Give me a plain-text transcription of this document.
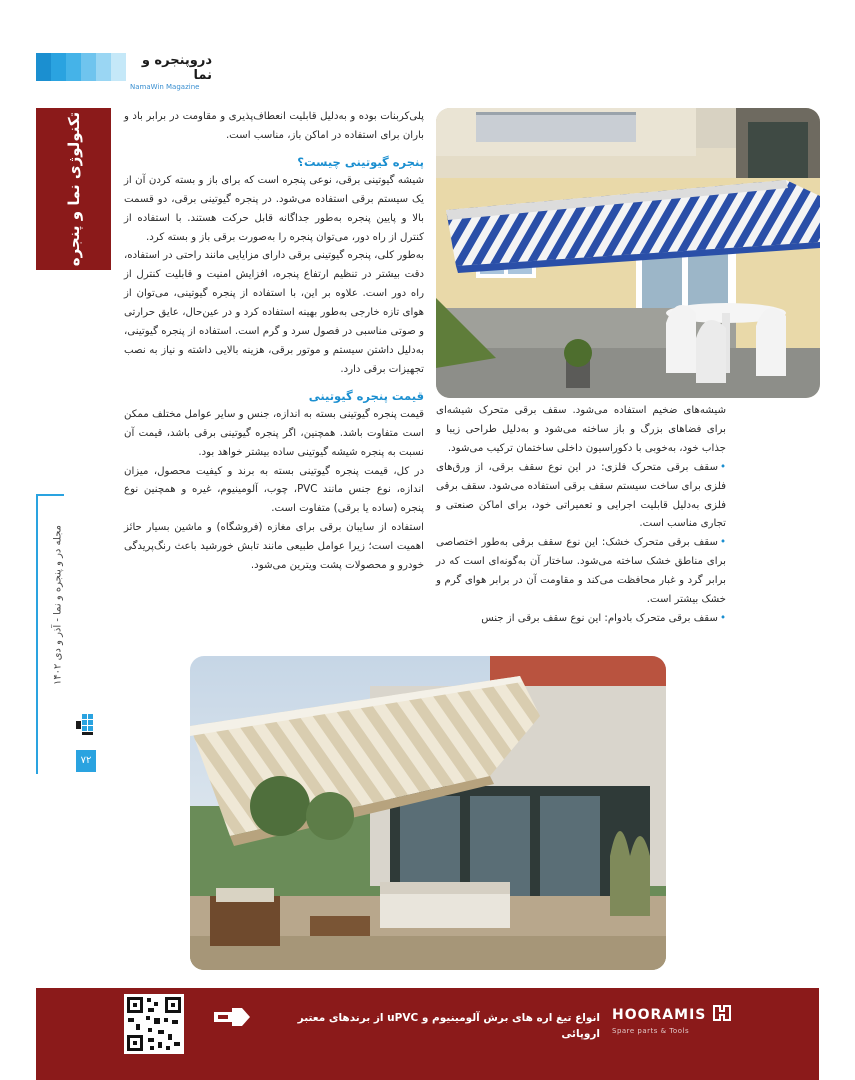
دروپنجره و نما
NamaWin Magazine
تکنولوژی نما و پنجره
مجله در و پنجره و نما - آذر و دی ۱۴۰۲
۷۲

پلی‌کربنات بوده و به‌دلیل قابلیت انعطاف‌پذیری و مقاومت در برابر باد و باران برای استفاده در اماکن باز، مناسب است.

پنجره گیوتینی چیست؟

شیشه گیوتینی برقی، نوعی پنجره است که برای باز و بسته کردن آن از یک سیستم برقی استفاده می‌شود. در پنجره گیوتینی برقی، دو قسمت بالا و پایین پنجره به‌طور جداگانه قابل حرکت هستند. با استفاده از کنترل از راه دور، می‌توان پنجره را به‌صورت برقی باز و بسته کرد.

به‌طور کلی، پنجره گیوتینی برقی دارای مزایایی مانند راحتی در استفاده، دقت بیشتر در تنظیم ارتفاع پنجره، افزایش امنیت و قابلیت کنترل از راه دور است. علاوه بر این، با استفاده از پنجره گیوتینی، می‌توان از هوای تازه خارجی به‌طور بهینه استفاده کرد و در عین‌حال، عایق حرارتی و صوتی مناسبی در فصول سرد و گرم است. استفاده از پنجره گیوتینی، به‌دلیل داشتن سیستم و موتور برقی، هزینه بالایی داشته و نیاز به نصب تجهیزات برقی دارد.

قیمت پنجره گیوتینی

قیمت پنجره گیوتینی بسته به اندازه، جنس و سایر عوامل مختلف ممکن است متفاوت باشد. همچنین، اگر پنجره گیوتینی برقی باشد، قیمت آن نسبت به پنجره شیشه گیوتینی ساده بیشتر خواهد بود.

در کل، قیمت پنجره گیوتینی بسته به برند و کیفیت محصول، میزان اندازه، نوع جنس مانند PVC، چوب، آلومینیوم، غیره و همچنین نوع پنجره (ساده یا برقی) متفاوت است.

استفاده از سایبان برقی برای مغازه (فروشگاه) و ماشین بسیار حائز اهمیت است؛ زیرا عوامل طبیعی مانند تابش خورشید باعث رنگ‌پریدگی خودرو و محصولات پشت ویترین می‌شود.

شیشه‌های ضخیم استفاده می‌شود. سقف برقی متحرک شیشه‌ای برای فضاهای بزرگ و باز ساخته می‌شود و به‌دلیل طراحی زیبا و جذاب خود، به‌خوبی با دکوراسیون داخلی ساختمان ترکیب می‌شود.

•سقف برقی متحرک فلزی: در این نوع سقف برقی، از ورق‌های فلزی برای ساخت سیستم سقف برقی استفاده می‌شود. سقف برقی فلزی به‌دلیل قابلیت اجرایی و تعمیراتی خود، برای اماکن صنعتی و تجاری مناسب است.
•سقف برقی متحرک خشک: این نوع سقف برقی به‌طور اختصاصی برای مناطق خشک ساخته می‌شود. ساختار آن به‌گونه‌ای است که در برابر گرد و غبار محافظت می‌کند و مقاومت آن در برابر هوای گرم و خشک بیشتر است.
•سقف برقی متحرک بادوام: این نوع سقف برقی از جنس
HOORAMIS
Spare parts & Tools
انواع تیغ اره های برش آلومینیوم و uPVC از برندهای معتبر اروپائی
